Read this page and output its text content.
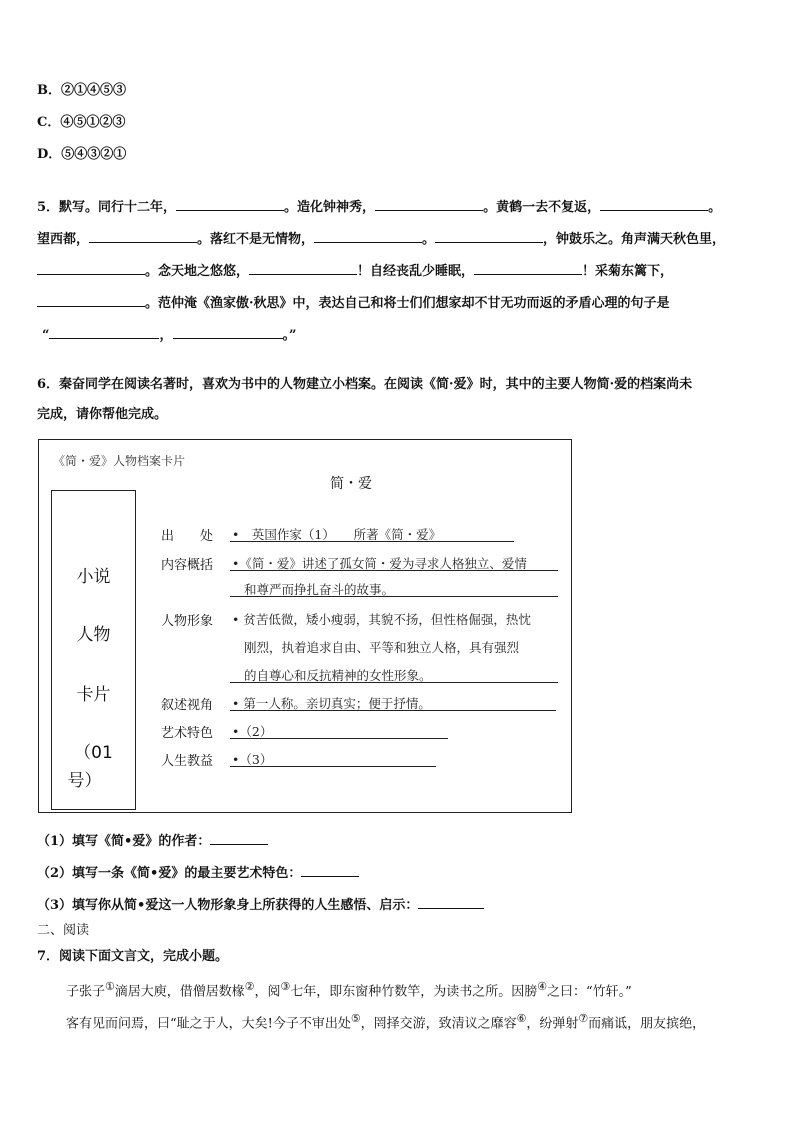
B．②①④⑤③
C．④⑤①②③
D．⑤④③②①
5．默写。同行十二年，	。造化钟神秀，	。黄鹤一去不复返，	。
望西都，	。落红不是无情物，	。	，钟鼓乐之。角声满天秋色里，
。念天地之悠悠，	！自经丧乱少睡眠，	！采菊东篱下，
。范仲淹《渔家傲·秋思》中，表达自己和将士们们想家却不甘无功而返的矛盾心理的句子是
“	，	。”
6．秦奋同学在阅读名著时，喜欢为书中的人物建立小档案。在阅读《简·爱》时，其中的主要人物简·爱的档案尚未
完成，请你帮他完成。
《简・爱》人物档案卡片
简・爱
小说
人物
卡片
（01
号）
出　　处 •　英国作家（1）　　所著《简・爱》
内容概括 •《简・爱》讲述了孤女简・爱为寻求人格独立、爱情
和尊严而挣扎奋斗的故事。
人物形象 • 贫苦低微，矮小瘦弱，其貌不扬，但性格倔强，热忱
刚烈，执着追求自由、平等和独立人格，具有强烈
的自尊心和反抗精神的女性形象。
叙述视角 • 第一人称。亲切真实；便于抒情。
艺术特色 •（2）
人生教益 •（3）
（1）填写《简•爱》的作者：
（2）填写一条《简•爱》的最主要艺术特色：
（3）填写你从简•爱这一人物形象身上所获得的人生感悟、启示：
二、阅读
7．阅读下面文言文，完成小题。
子张子①滴居大庾，借僧居数椽②，阅③七年，即东窗种竹数竿，为读书之所。因膀④之曰：“竹轩。”
客有见而问焉，曰“耻之于人，大矣!今子不审出处⑤，罔择交游，致清议之靡容⑥，纷弹射⑦而痛诋，朋友摈绝，
